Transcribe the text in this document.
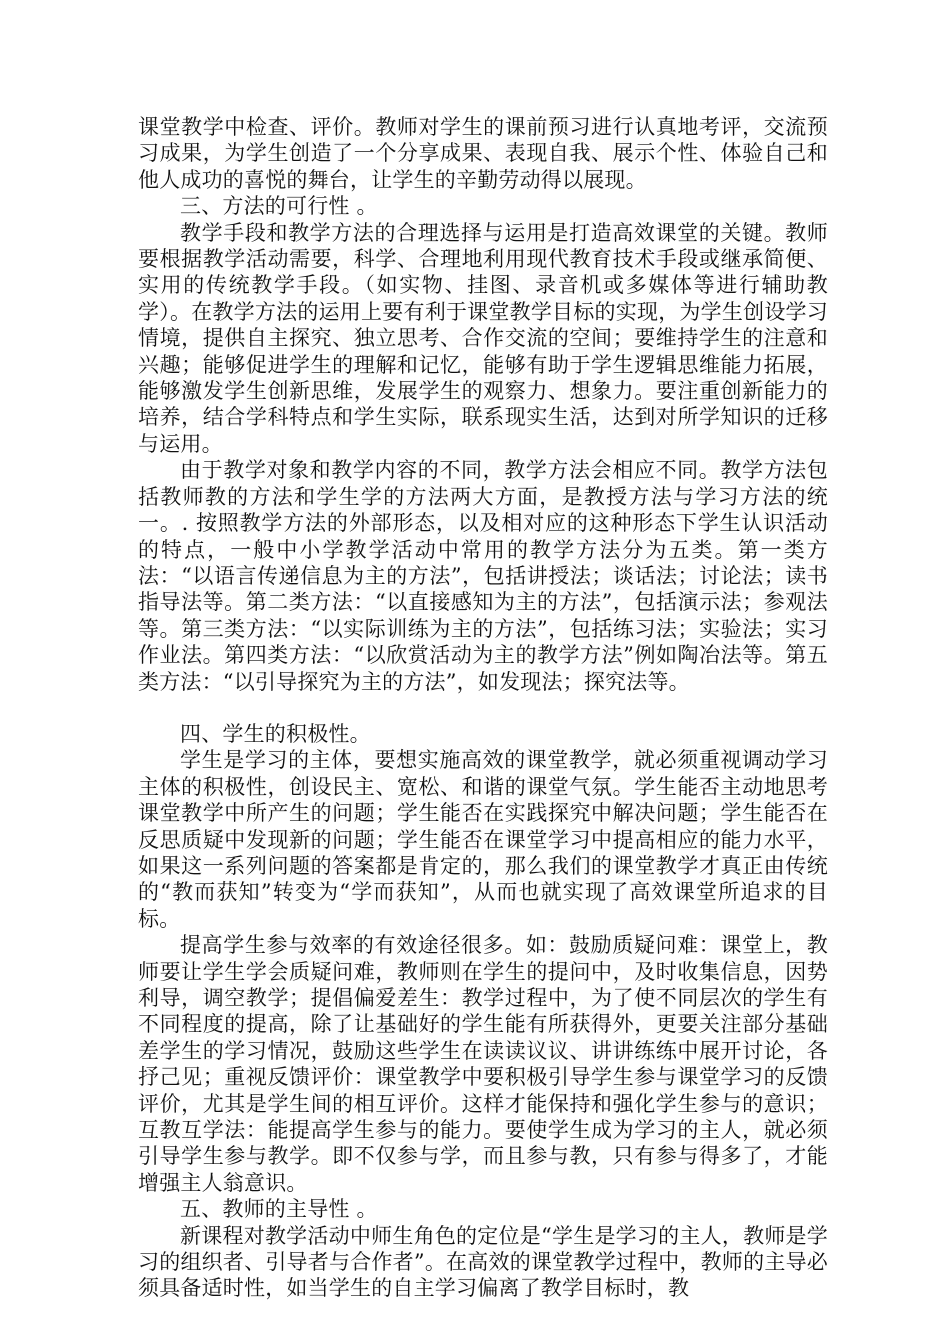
课堂教学中检查、评价。教师对学生的课前预习进行认真地考评，交流预习成果，为学生创造了一个分享成果、表现自我、展示个性、体验自己和他人成功的喜悦的舞台，让学生的辛勤劳动得以展现。

三、方法的可行性 。

教学手段和教学方法的合理选择与运用是打造高效课堂的关键。教师要根据教学活动需要，科学、合理地利用现代教育技术手段或继承简便、实用的传统教学手段。（如实物、挂图、录音机或多媒体等进行辅助教学）。在教学方法的运用上要有利于课堂教学目标的实现，为学生创设学习情境，提供自主探究、独立思考、合作交流的空间；要维持学生的注意和兴趣；能够促进学生的理解和记忆，能够有助于学生逻辑思维能力拓展，能够激发学生创新思维，发展学生的观察力、想象力。要注重创新能力的培养，结合学科特点和学生实际，联系现实生活，达到对所学知识的迁移与运用。

由于教学对象和教学内容的不同，教学方法会相应不同。教学方法包括教师教的方法和学生学的方法两大方面，是教授方法与学习方法的统一。. 按照教学方法的外部形态，以及相对应的这种形态下学生认识活动的特点，一般中小学教学活动中常用的教学方法分为五类。第一类方法：“以语言传递信息为主的方法”，包括讲授法；谈话法；讨论法；读书指导法等。第二类方法：“以直接感知为主的方法”，包括演示法；参观法等。第三类方法：“以实际训练为主的方法”，包括练习法；实验法；实习作业法。第四类方法：“以欣赏活动为主的教学方法”例如陶冶法等。第五类方法：“以引导探究为主的方法”，如发现法；探究法等。

四、学生的积极性。

学生是学习的主体，要想实施高效的课堂教学，就必须重视调动学习主体的积极性，创设民主、宽松、和谐的课堂气氛。学生能否主动地思考课堂教学中所产生的问题；学生能否在实践探究中解决问题；学生能否在反思质疑中发现新的问题；学生能否在课堂学习中提高相应的能力水平，如果这一系列问题的答案都是肯定的，那么我们的课堂教学才真正由传统的“教而获知”转变为“学而获知”，从而也就实现了高效课堂所追求的目标。

提高学生参与效率的有效途径很多。如：鼓励质疑问难：课堂上，教师要让学生学会质疑问难，教师则在学生的提问中，及时收集信息，因势利导，调空教学；提倡偏爱差生：教学过程中，为了使不同层次的学生有不同程度的提高，除了让基础好的学生能有所获得外，更要关注部分基础差学生的学习情况，鼓励这些学生在读读议议、讲讲练练中展开讨论，各抒己见；重视反馈评价：课堂教学中要积极引导学生参与课堂学习的反馈评价，尤其是学生间的相互评价。这样才能保持和强化学生参与的意识；互教互学法：能提高学生参与的能力。要使学生成为学习的主人，就必须引导学生参与教学。即不仅参与学，而且参与教，只有参与得多了，才能增强主人翁意识。

五、教师的主导性 。

新课程对教学活动中师生角色的定位是“学生是学习的主人，教师是学习的组织者、引导者与合作者”。在高效的课堂教学过程中，教师的主导必须具备适时性，如当学生的自主学习偏离了教学目标时，教
